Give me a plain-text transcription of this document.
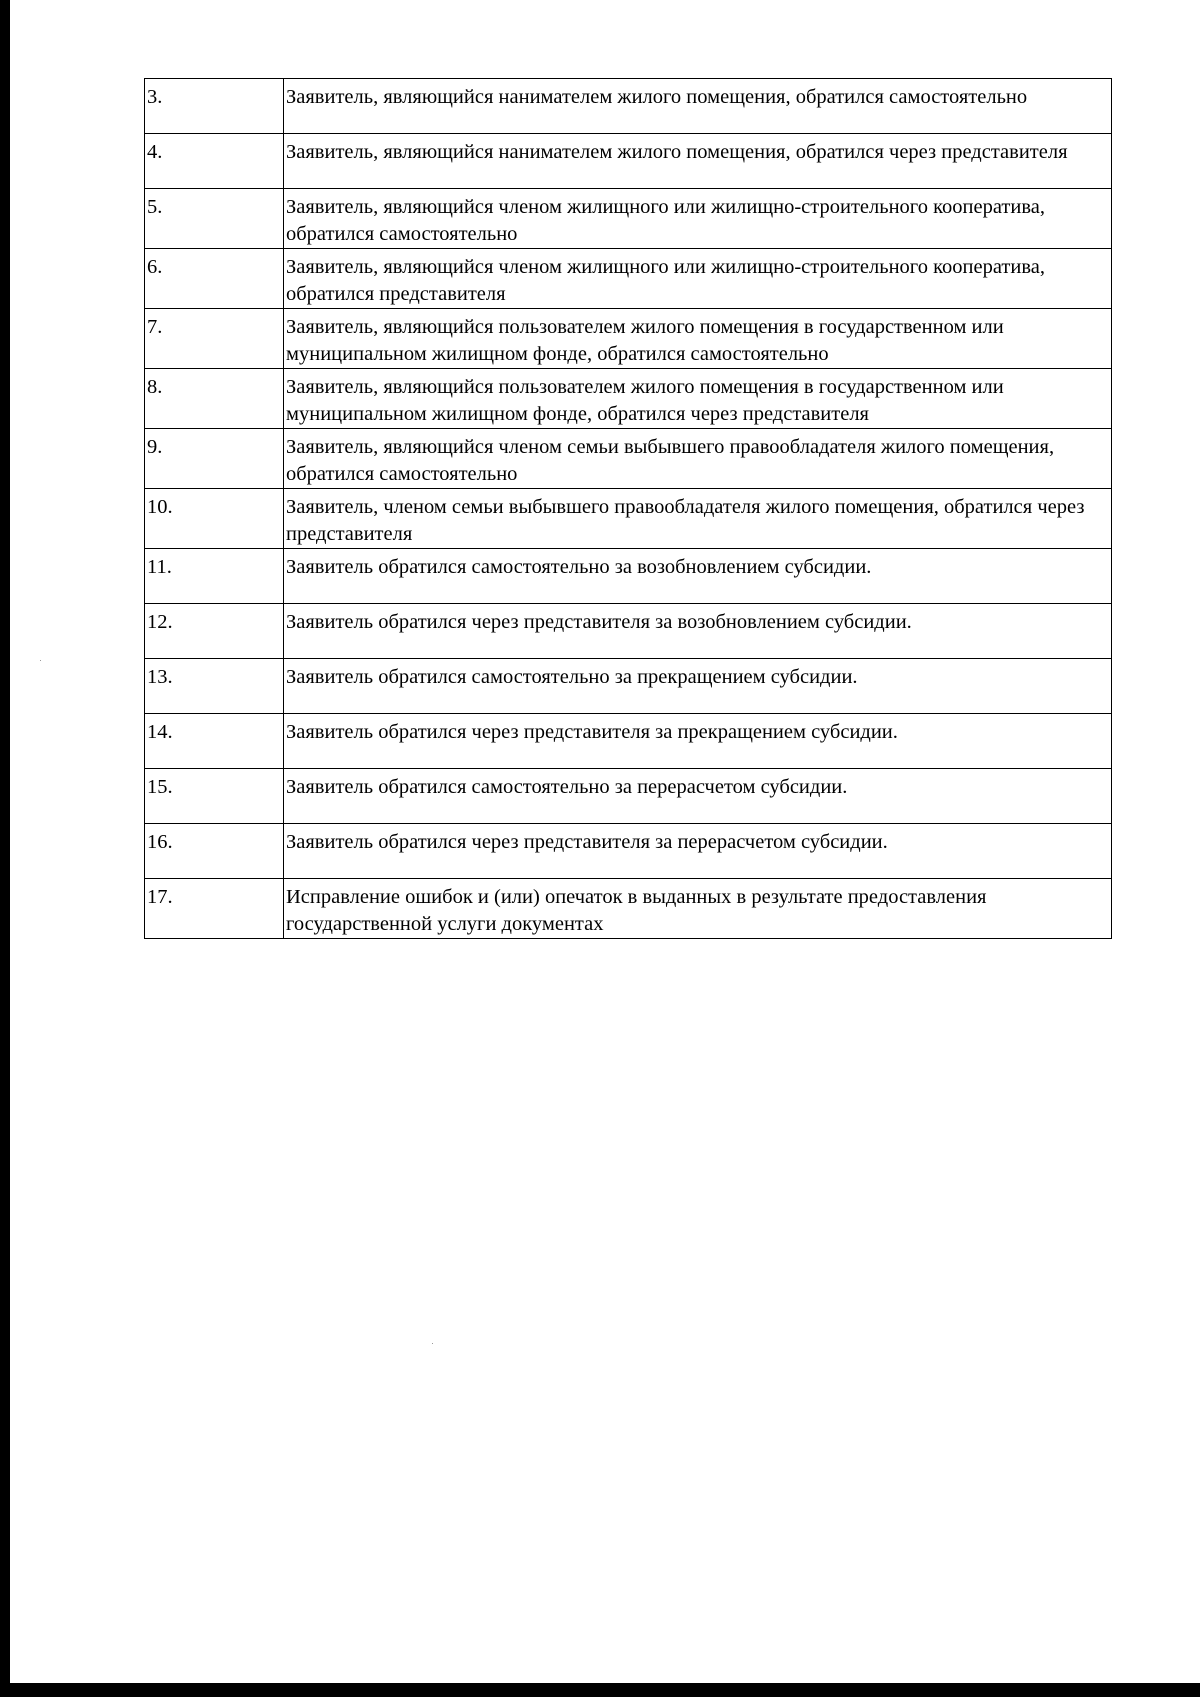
3.	Заявитель, являющийся нанимателем жилого помещения, обратился самостоятельно
4.	Заявитель, являющийся нанимателем жилого помещения, обратился через представителя
5.	Заявитель, являющийся членом жилищного или жилищно-строительного кооператива, обратился самостоятельно
6.	Заявитель, являющийся членом жилищного или жилищно-строительного кооператива, обратился представителя
7.	Заявитель, являющийся пользователем жилого помещения в государственном или муниципальном жилищном фонде, обратился самостоятельно
8.	Заявитель, являющийся пользователем жилого помещения в государственном или муниципальном жилищном фонде, обратился через представителя
9.	Заявитель, являющийся членом семьи выбывшего правообладателя жилого помещения, обратился самостоятельно
10.	Заявитель, членом семьи выбывшего правообладателя жилого помещения, обратился через представителя
11.	Заявитель обратился самостоятельно за возобновлением субсидии.
12.	Заявитель обратился через представителя за возобновлением субсидии.
13.	Заявитель обратился самостоятельно за прекращением субсидии.
14.	Заявитель обратился через представителя за прекращением субсидии.
15.	Заявитель обратился самостоятельно за перерасчетом субсидии.
16.	Заявитель обратился через представителя за перерасчетом субсидии.
17.	Исправление ошибок и (или) опечаток в выданных в результате предоставления государственной услуги документах
